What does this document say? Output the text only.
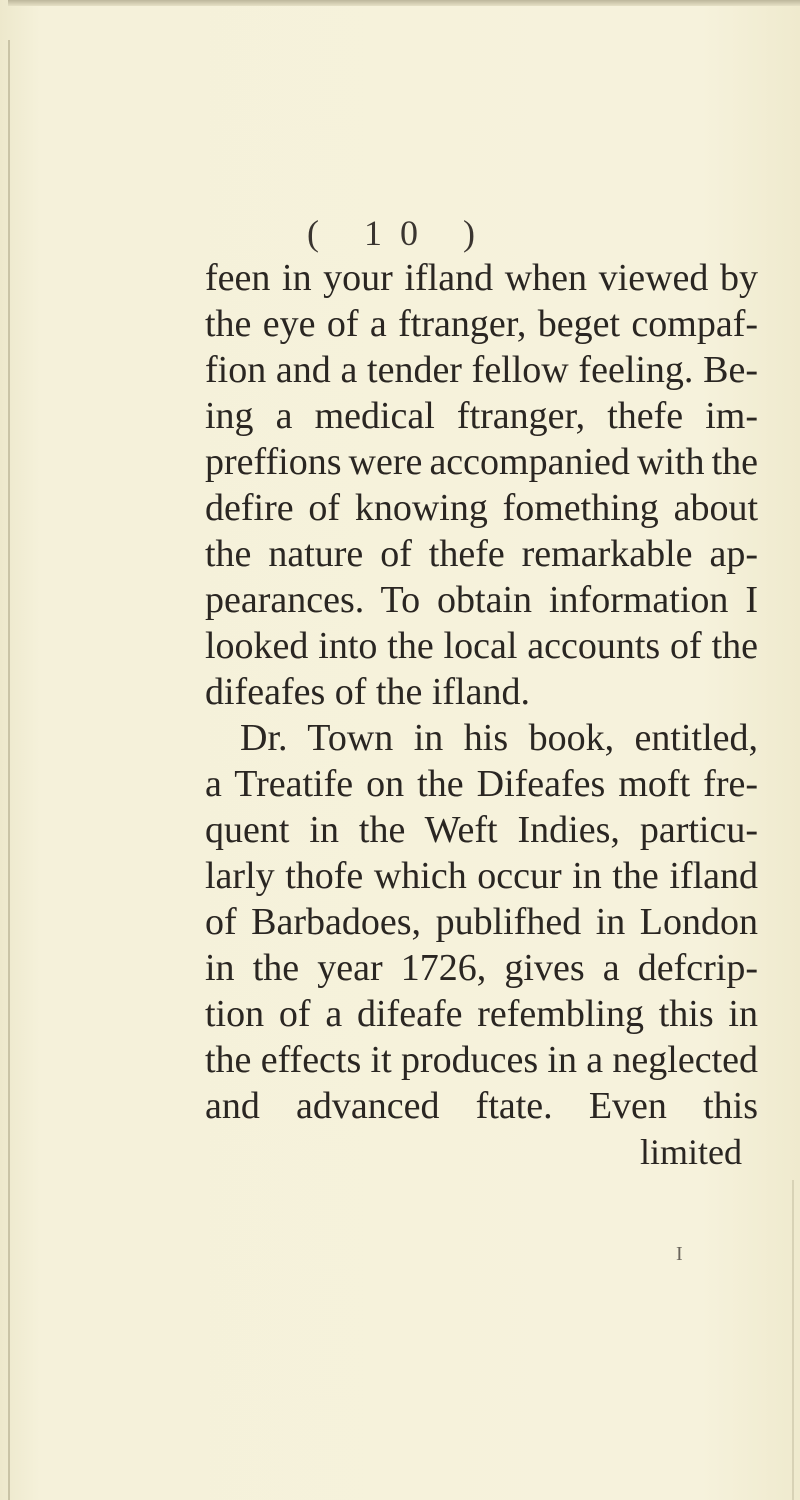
( 10 )
feen in your ifland when viewed by
the eye of a ftranger, beget compaf-
fion and a tender fellow feeling. Be-
ing a medical ftranger, thefe im-
preffions were accompanied with the
defire of knowing fomething about
the nature of thefe remarkable ap-
pearances. To obtain information I
looked into the local accounts of the
difeafes of the ifland.
Dr. Town in his book, entitled,
a Treatife on the Difeafes moft fre-
quent in the Weft Indies, particu-
larly thofe which occur in the ifland
of Barbadoes, publifhed in London
in the year 1726, gives a defcrip-
tion of a difeafe refembling this in
the effects it produces in a neglected
and advanced ftate. Even this
limited
I
